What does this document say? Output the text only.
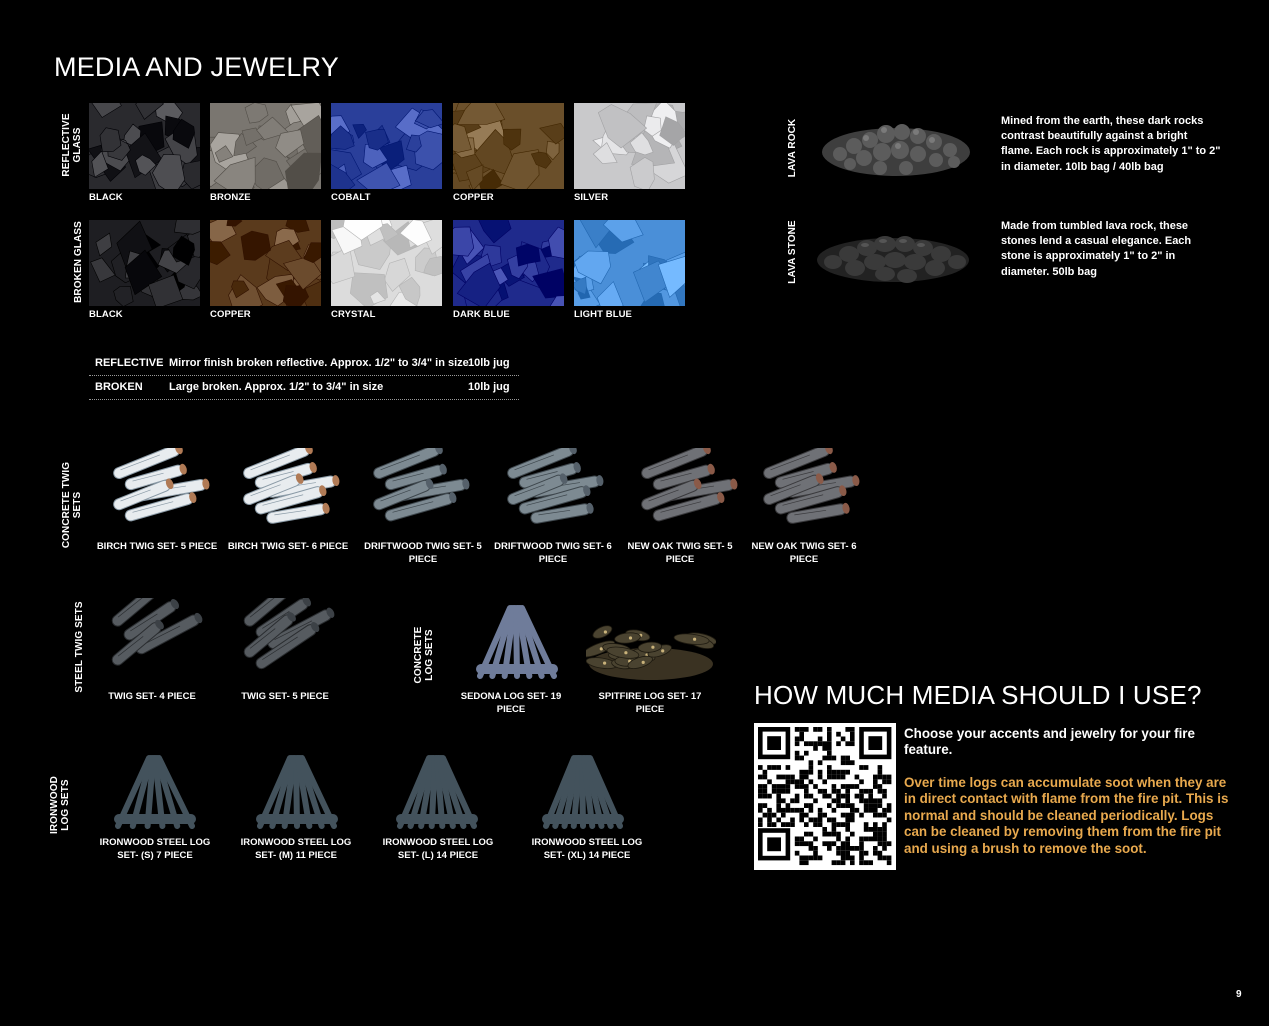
MEDIA AND JEWELRY
REFLECTIVE GLASS
BROKEN GLASS
BLACK	BRONZE	COBALT	COPPER	SILVER
BLACK	COPPER	CRYSTAL	DARK BLUE	LIGHT BLUE
REFLECTIVE Mirror finish broken reflective. Approx. 1/2" to 3/4" in size 10lb jug
BROKEN Large broken. Approx. 1/2" to 3/4" in size	10lb jug
LAVA ROCK	Mined from the earth, these dark rocks contrast beautifully against a bright flame. Each rock is approximately 1" to 2" in diameter. 10lb bag / 40lb bag
LAVA STONE	Made from tumbled lava rock, these stones lend a casual elegance. Each stone is approximately 1" to 2" in diameter. 50lb bag
CONCRETE TWIG SETS
BIRCH TWIG SET- 5 PIECE	BIRCH TWIG SET- 6 PIECE	DRIFTWOOD TWIG SET- 5 PIECE
DRIFTWOOD TWIG SET- 6 PIECE
NEW OAK TWIG SET- 5 PIECE
NEW OAK TWIG SET- 6 PIECE
STEEL TWIG SETS
TWIG SET- 4 PIECE	TWIG SET- 5 PIECE
CONCRETE LOG SETS
SEDONA LOG SET- 19 PIECE
SPITFIRE LOG SET- 17 PIECE
IRONWOOD LOG SETS
IRONWOOD STEEL LOG SET- (S) 7 PIECE
IRONWOOD STEEL LOG SET- (M) 11 PIECE
IRONWOOD STEEL LOG SET- (L) 14 PIECE
IRONWOOD STEEL LOG SET- (XL) 14 PIECE
HOW MUCH MEDIA SHOULD I USE?
Choose your accents and jewelry for your fire feature.
Over time logs can accumulate soot when they are in direct contact with flame from the fire pit. This is normal and should be cleaned periodically. Logs can be cleaned by removing them from the fire pit and using a brush to remove the soot.
9
